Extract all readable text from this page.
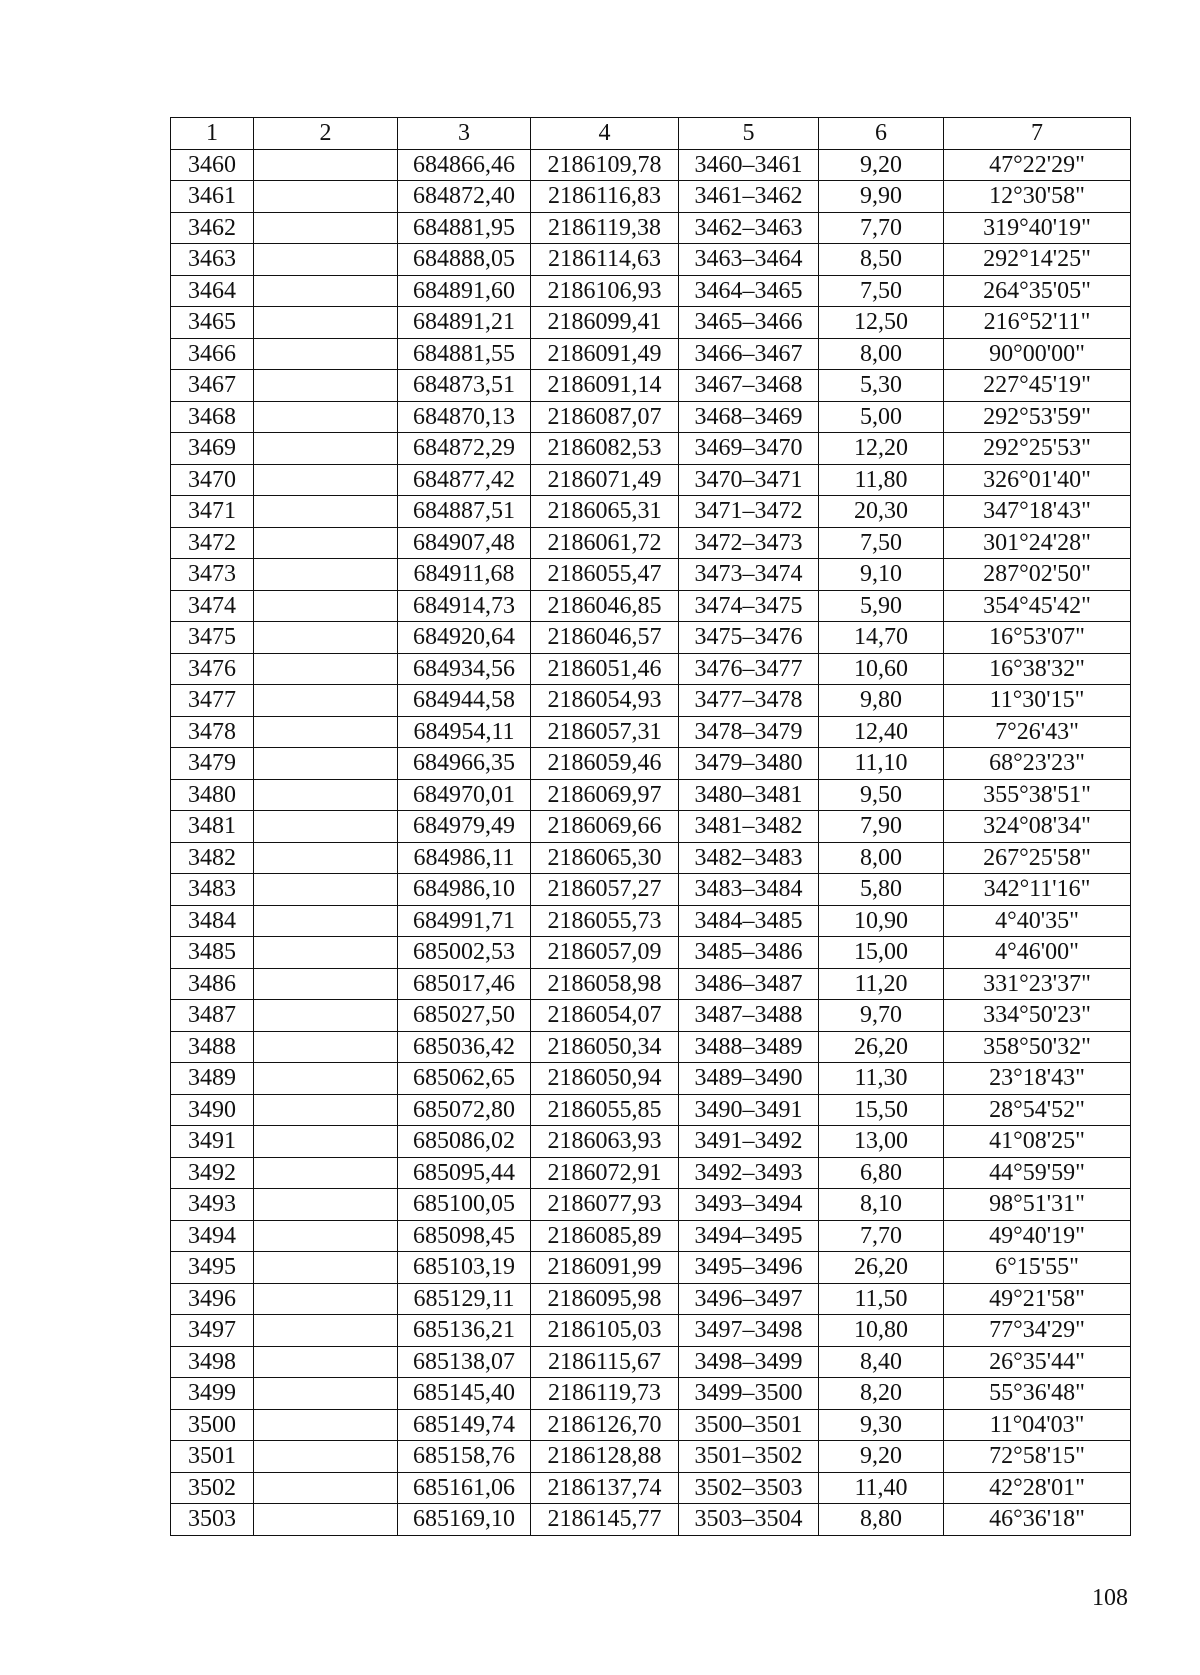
1	2	3	4	5	6	7
3460		684866,46	2186109,78	3460–3461	9,20	47°22'29"
3461		684872,40	2186116,83	3461–3462	9,90	12°30'58"
3462		684881,95	2186119,38	3462–3463	7,70	319°40'19"
3463		684888,05	2186114,63	3463–3464	8,50	292°14'25"
3464		684891,60	2186106,93	3464–3465	7,50	264°35'05"
3465		684891,21	2186099,41	3465–3466	12,50	216°52'11"
3466		684881,55	2186091,49	3466–3467	8,00	90°00'00"
3467		684873,51	2186091,14	3467–3468	5,30	227°45'19"
3468		684870,13	2186087,07	3468–3469	5,00	292°53'59"
3469		684872,29	2186082,53	3469–3470	12,20	292°25'53"
3470		684877,42	2186071,49	3470–3471	11,80	326°01'40"
3471		684887,51	2186065,31	3471–3472	20,30	347°18'43"
3472		684907,48	2186061,72	3472–3473	7,50	301°24'28"
3473		684911,68	2186055,47	3473–3474	9,10	287°02'50"
3474		684914,73	2186046,85	3474–3475	5,90	354°45'42"
3475		684920,64	2186046,57	3475–3476	14,70	16°53'07"
3476		684934,56	2186051,46	3476–3477	10,60	16°38'32"
3477		684944,58	2186054,93	3477–3478	9,80	11°30'15"
3478		684954,11	2186057,31	3478–3479	12,40	7°26'43"
3479		684966,35	2186059,46	3479–3480	11,10	68°23'23"
3480		684970,01	2186069,97	3480–3481	9,50	355°38'51"
3481		684979,49	2186069,66	3481–3482	7,90	324°08'34"
3482		684986,11	2186065,30	3482–3483	8,00	267°25'58"
3483		684986,10	2186057,27	3483–3484	5,80	342°11'16"
3484		684991,71	2186055,73	3484–3485	10,90	4°40'35"
3485		685002,53	2186057,09	3485–3486	15,00	4°46'00"
3486		685017,46	2186058,98	3486–3487	11,20	331°23'37"
3487		685027,50	2186054,07	3487–3488	9,70	334°50'23"
3488		685036,42	2186050,34	3488–3489	26,20	358°50'32"
3489		685062,65	2186050,94	3489–3490	11,30	23°18'43"
3490		685072,80	2186055,85	3490–3491	15,50	28°54'52"
3491		685086,02	2186063,93	3491–3492	13,00	41°08'25"
3492		685095,44	2186072,91	3492–3493	6,80	44°59'59"
3493		685100,05	2186077,93	3493–3494	8,10	98°51'31"
3494		685098,45	2186085,89	3494–3495	7,70	49°40'19"
3495		685103,19	2186091,99	3495–3496	26,20	6°15'55"
3496		685129,11	2186095,98	3496–3497	11,50	49°21'58"
3497		685136,21	2186105,03	3497–3498	10,80	77°34'29"
3498		685138,07	2186115,67	3498–3499	8,40	26°35'44"
3499		685145,40	2186119,73	3499–3500	8,20	55°36'48"
3500		685149,74	2186126,70	3500–3501	9,30	11°04'03"
3501		685158,76	2186128,88	3501–3502	9,20	72°58'15"
3502		685161,06	2186137,74	3502–3503	11,40	42°28'01"
3503		685169,10	2186145,77	3503–3504	8,80	46°36'18"
108
